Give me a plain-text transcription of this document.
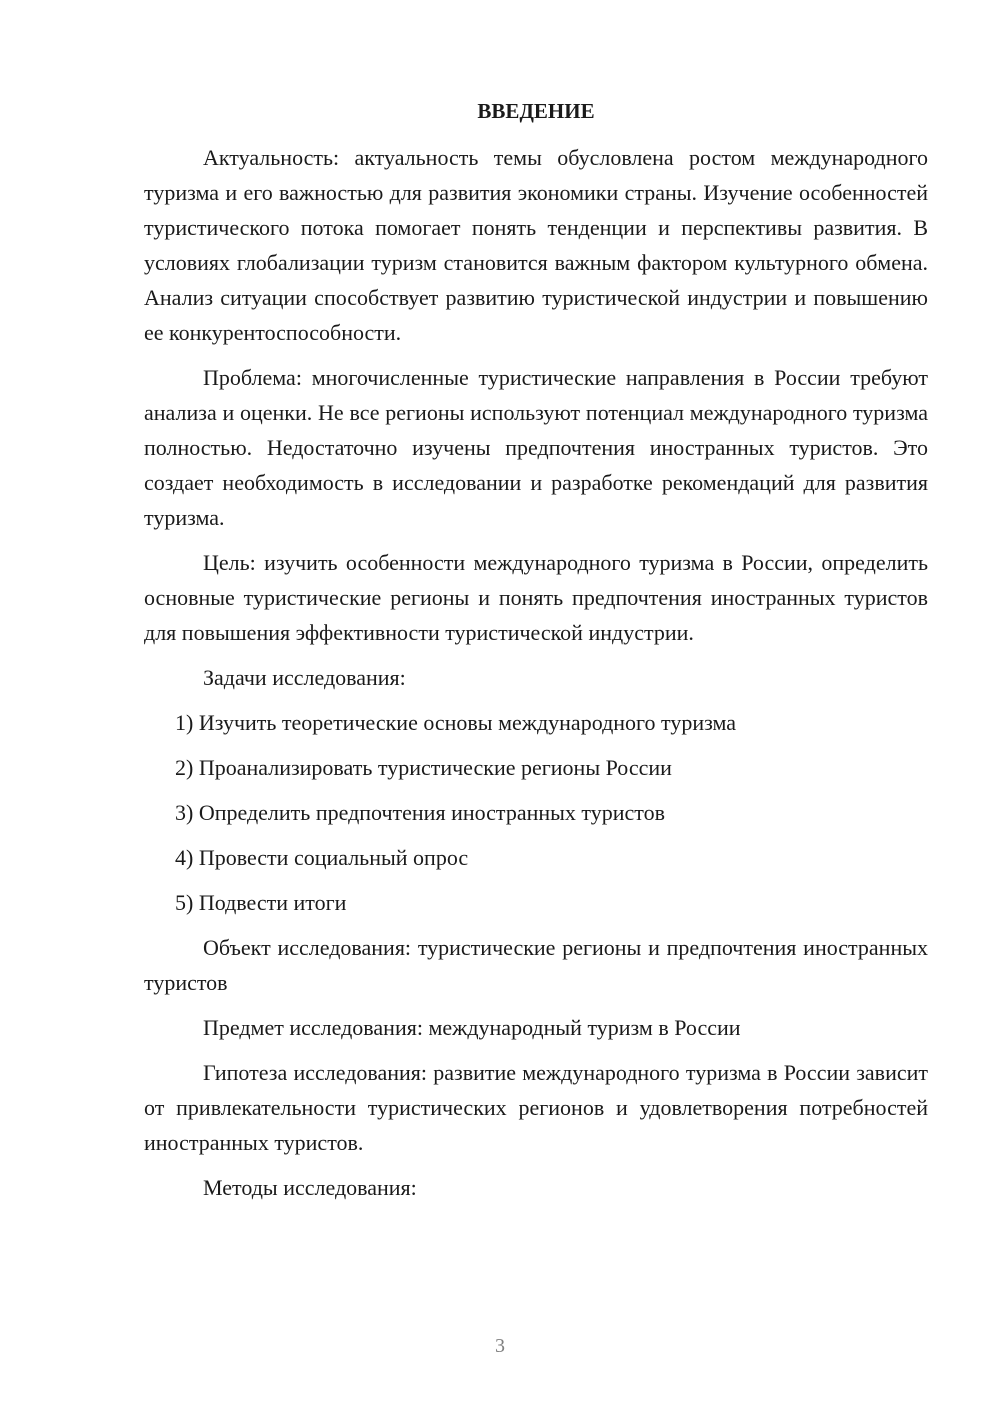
ВВЕДЕНИЕ

Актуальность: актуальность темы обусловлена ростом международного туризма и его важностью для развития экономики страны. Изучение особенностей туристического потока помогает понять тенденции и перспективы развития. В условиях глобализации туризм становится важным фактором культурного обмена. Анализ ситуации способствует развитию туристической индустрии и повышению ее конкурентоспособности.

Проблема: многочисленные туристические направления в России требуют анализа и оценки. Не все регионы используют потенциал международного туризма полностью. Недостаточно изучены предпочтения иностранных туристов. Это создает необходимость в исследовании и разработке рекомендаций для развития туризма.

Цель: изучить особенности международного туризма в России, определить основные туристические регионы и понять предпочтения иностранных туристов для повышения эффективности туристической индустрии.

Задачи исследования:

1) Изучить теоретические основы международного туризма
2) Проанализировать туристические регионы России
3) Определить предпочтения иностранных туристов
4) Провести социальный опрос
5) Подвести итоги

Объект исследования: туристические регионы и предпочтения иностранных туристов

Предмет исследования: международный туризм в России

Гипотеза исследования: развитие международного туризма в России зависит от привлекательности туристических регионов и удовлетворения потребностей иностранных туристов.

Методы исследования:

3
